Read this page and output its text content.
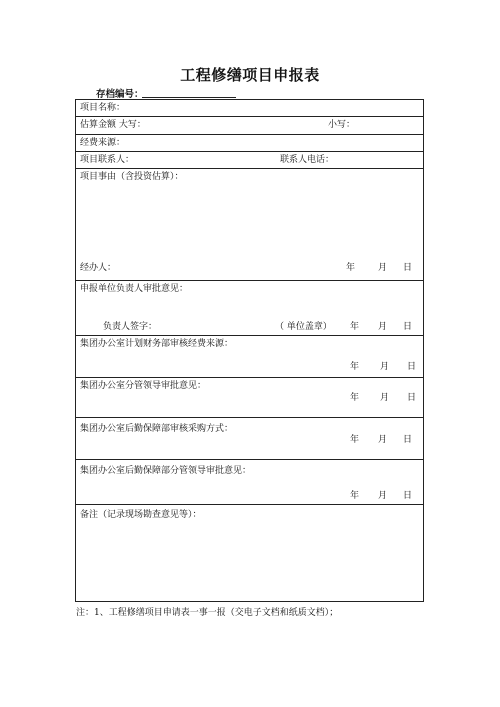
工程修缮项目申报表
存档编号：
项目名称：
估算金额 大写：	小写：
经费来源：
项目联系人：	联系人电话：
项目事由（含投资估算）：
经办人：	年	月 日
申报单位负责人审批意见：
负责人签字：	（ 单位盖章） 年 月 日
集团办公室计划财务部审核经费来源：
年 月 日
集团办公室分管领导审批意见：
年 月 日
集团办公室后勤保障部审核采购方式：
年 月 日
集团办公室后勤保障部分管领导审批意见：
年 月 日
备注（记录现场勘查意见等）：
注：1、工程修缮项目申请表一事一报（交电子文档和纸质文档）；
